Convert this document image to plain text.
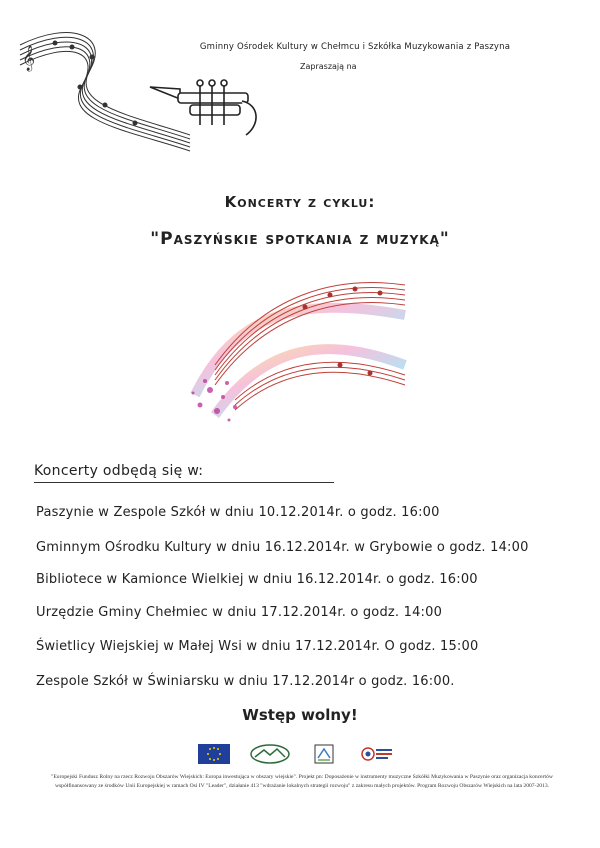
𝄞	Gminny Ośrodek Kultury w Chełmcu i Szkółka Muzykowania z Paszyna
Zapraszają na
Koncerty z cyklu:
"Paszyńskie spotkania z muzyką"
Koncerty odbędą się w:
Paszynie w Zespole Szkół w dniu 10.12.2014r. o godz. 16:00
Gminnym Ośrodku Kultury w dniu 16.12.2014r. w Grybowie o godz. 14:00
Bibliotece w Kamionce Wielkiej w dniu 16.12.2014r. o godz. 16:00
Urzędzie Gminy Chełmiec w dniu 17.12.2014r. o godz. 14:00
Świetlicy Wiejskiej w Małej Wsi w dniu 17.12.2014r. O godz. 15:00
Zespole Szkół w Świniarsku w dniu 17.12.2014r o godz. 16:00.
Wstęp wolny!
"Europejski Fundusz Rolny na rzecz Rozwoju Obszarów Wiejskich: Europa inwestująca w obszary wiejskie". Projekt pn: Doposażenie w instrumenty muzyczne Szkółki Muzykowania w Paszynie oraz organizacja koncertów współfinansowany ze środków Unii Europejskiej w ramach Osi IV "Leader", działanie 413 "wdrażanie lokalnych strategii rozwoju" z zakresu małych projektów. Program Rozwoju Obszarów Wiejskich na lata 2007-2013.
